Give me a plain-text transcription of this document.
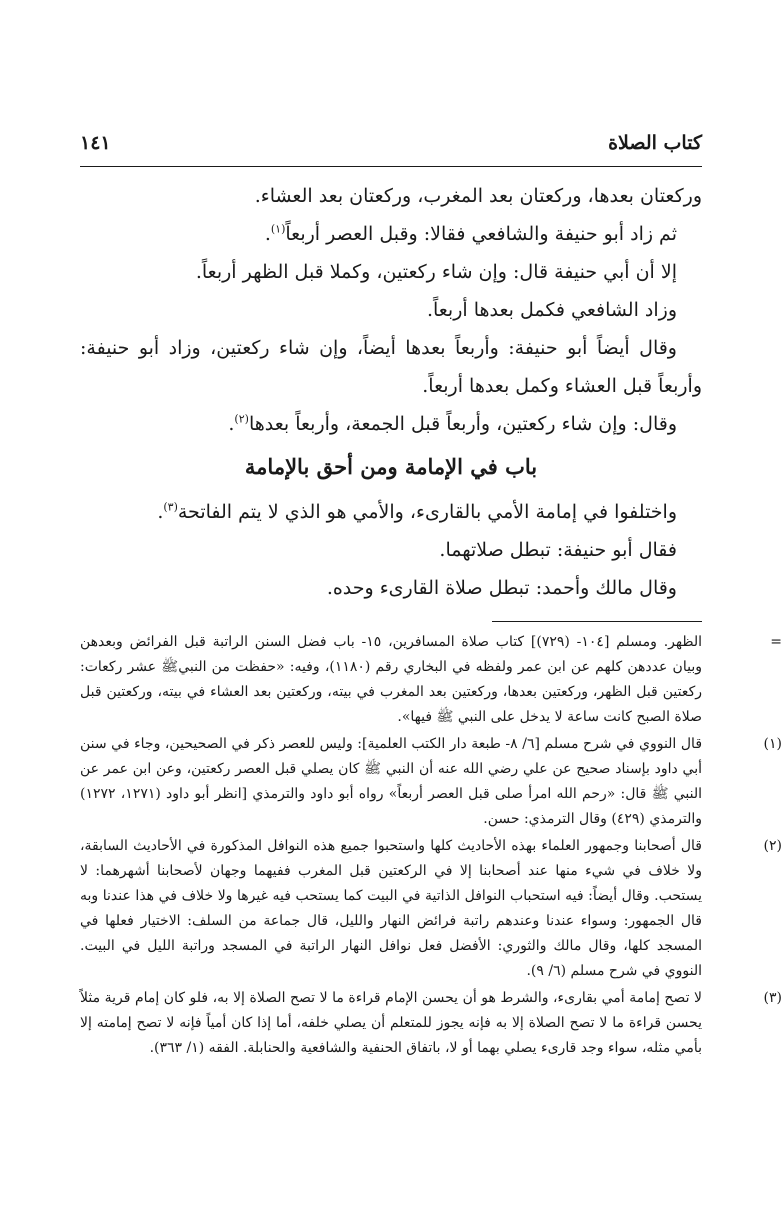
كتاب الصلاة
١٤١

وركعتان بعدها، وركعتان بعد المغرب، وركعتان بعد العشاء.

ثم زاد أبو حنيفة والشافعي فقالا: وقبل العصر أربعاً$^{(١)}$.

إلا أن أبي حنيفة قال: وإن شاء ركعتين، وكملا قبل الظهر أربعاً.

وزاد الشافعي فكمل بعدها أربعاً.

وقال أيضاً أبو حنيفة: وأربعاً بعدها أيضاً، وإن شاء ركعتين، وزاد أبو حنيفة: وأربعاً قبل العشاء وكمل بعدها أربعاً.

وقال: وإن شاء ركعتين، وأربعاً قبل الجمعة، وأربعاً بعدها$^{(٢)}$.

باب في الإمامة ومن أحق بالإمامة

واختلفوا في إمامة الأمي بالقارىء، والأمي هو الذي لا يتم الفاتحة$^{(٣)}$.

فقال أبو حنيفة: تبطل صلاتهما.

وقال مالك وأحمد: تبطل صلاة القارىء وحده.

=
الظهر. ومسلم [١٠٤- (٧٢٩)] كتاب صلاة المسافرين، ١٥- باب فضل السنن الراتبة قبل الفرائض وبعدهن وبيان عددهن كلهم عن ابن عمر ولفظه في البخاري رقم (١١٨٠)، وفيه: «حفظت من النبيﷺ عشر ركعات: ركعتين قبل الظهر، وركعتين بعدها، وركعتين بعد المغرب في بيته، وركعتين بعد العشاء في بيته، وركعتين قبل صلاة الصبح كانت ساعة لا يدخل على النبي ﷺ فيها».
(١)
قال النووي في شرح مسلم [٦/ ٨- طبعة دار الكتب العلمية]: وليس للعصر ذكر في الصحيحين، وجاء في سنن أبي داود بإسناد صحيح عن علي رضي الله عنه أن النبي ﷺ كان يصلي قبل العصر ركعتين، وعن ابن عمر عن النبي ﷺ قال: «رحم الله امرأ صلى قبل العصر أربعاً» رواه أبو داود والترمذي [انظر أبو داود (١٢٧١، ١٢٧٢) والترمذي (٤٢٩) وقال الترمذي: حسن.
(٢)
قال أصحابنا وجمهور العلماء بهذه الأحاديث كلها واستحبوا جميع هذه النوافل المذكورة في الأحاديث السابقة، ولا خلاف في شيء منها عند أصحابنا إلا في الركعتين قبل المغرب ففيهما وجهان لأصحابنا أشهرهما: لا يستحب. وقال أيضاً: فيه استحباب النوافل الذاتية في البيت كما يستحب فيه غيرها ولا خلاف في هذا عندنا وبه قال الجمهور: وسواء عندنا وعندهم راتبة فرائض النهار والليل، قال جماعة من السلف: الاختيار فعلها في المسجد كلها، وقال مالك والثوري: الأفضل فعل نوافل النهار الراتبة في المسجد وراتبة الليل في البيت. النووي في شرح مسلم (٦/ ٩).
(٣)
لا تصح إمامة أمي بقارىء، والشرط هو أن يحسن الإمام قراءة ما لا تصح الصلاة إلا به، فلو كان إمام قرية مثلاً يحسن قراءة ما لا تصح الصلاة إلا به فإنه يجوز للمتعلم أن يصلي خلفه، أما إذا كان أمياً فإنه لا تصح إمامته إلا بأمي مثله، سواء وجد قارىء يصلي بهما أو لا، باتفاق الحنفية والشافعية والحنابلة. الفقه (١/ ٣٦٣).
